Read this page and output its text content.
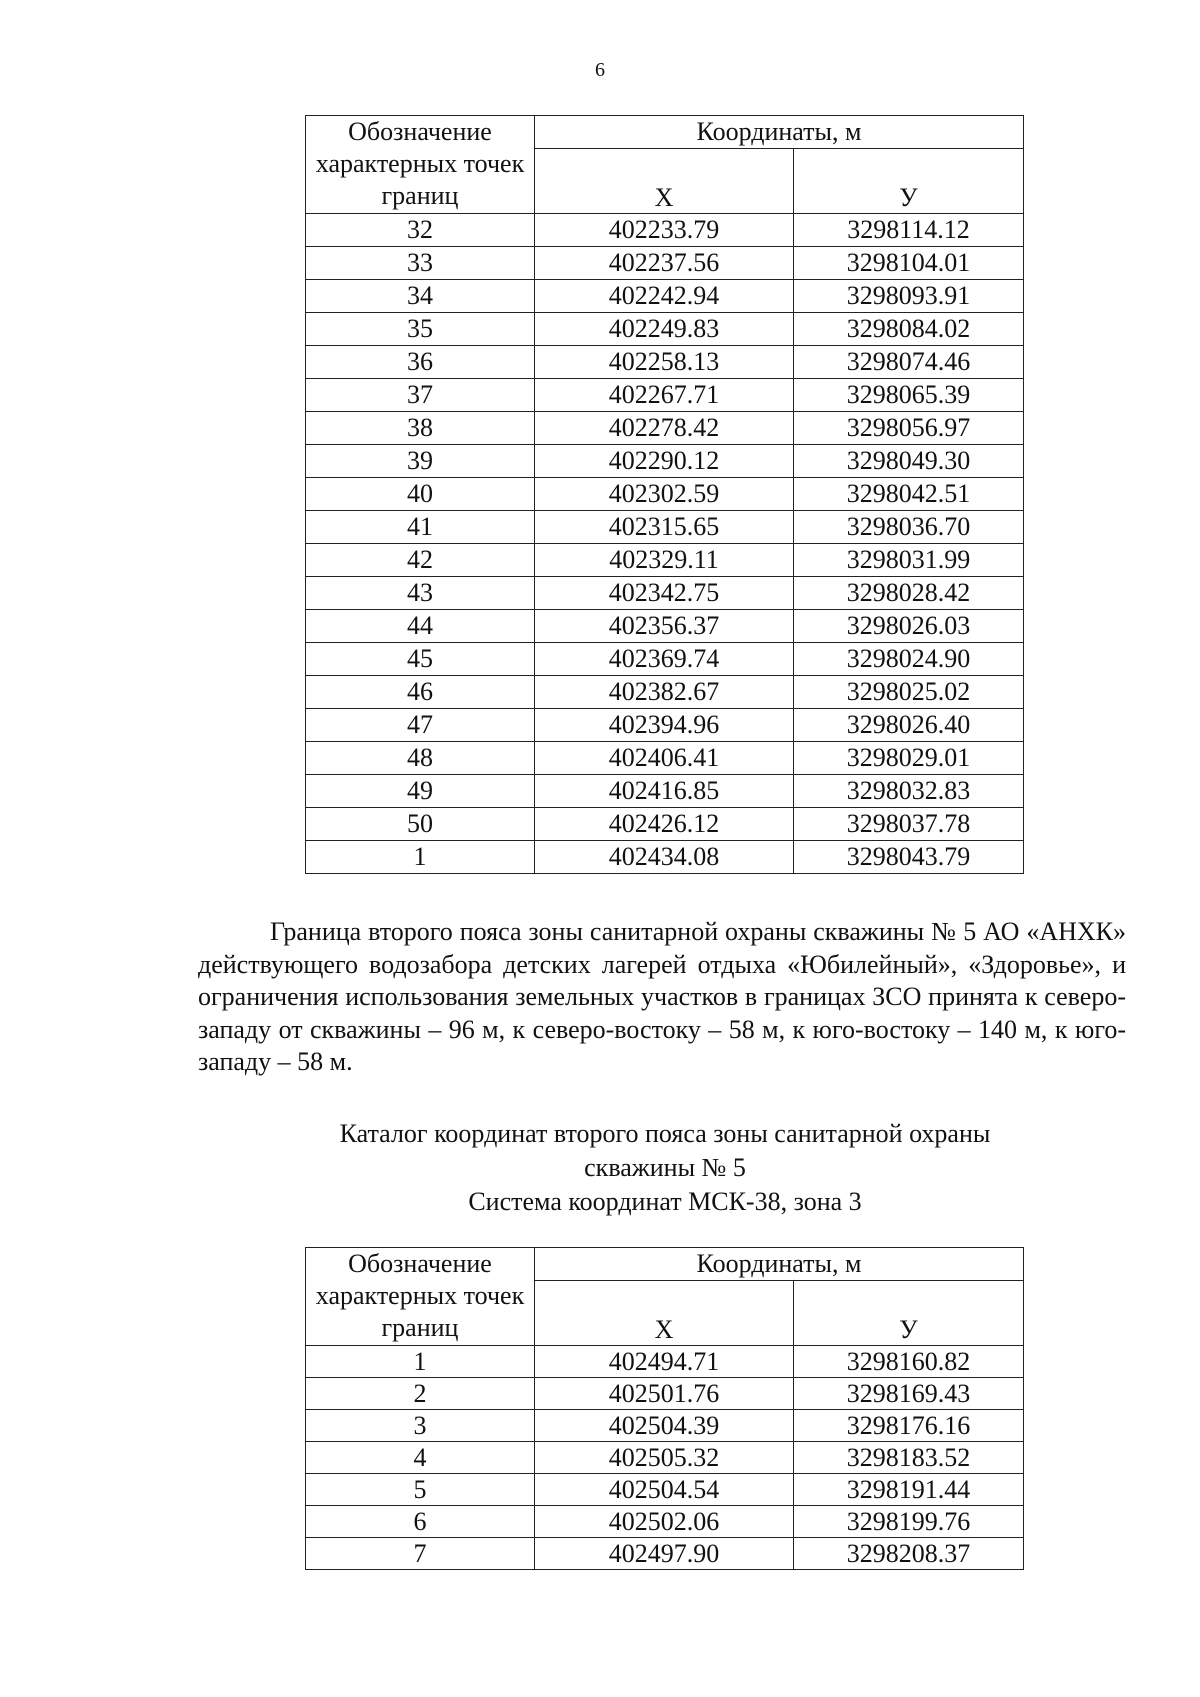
6
Обозначение характерных точек границ	Координаты, м	
	Х	У
32	402233.79	3298114.12
33	402237.56	3298104.01
34	402242.94	3298093.91
35	402249.83	3298084.02
36	402258.13	3298074.46
37	402267.71	3298065.39
38	402278.42	3298056.97
39	402290.12	3298049.30
40	402302.59	3298042.51
41	402315.65	3298036.70
42	402329.11	3298031.99
43	402342.75	3298028.42
44	402356.37	3298026.03
45	402369.74	3298024.90
46	402382.67	3298025.02
47	402394.96	3298026.40
48	402406.41	3298029.01
49	402416.85	3298032.83
50	402426.12	3298037.78
1	402434.08	3298043.79

Граница второго пояса зоны санитарной охраны скважины № 5 АО «АНХК» действующего водозабора детских лагерей отдыха «Юбилейный», «Здоровье», и ограничения использования земельных участков в границах ЗСО принята к северо-западу от скважины – 96 м, к северо-востоку – 58 м, к юго-востоку – 140 м, к юго-западу – 58 м.

Каталог координат второго пояса зоны санитарной охраны

скважины № 5

Система координат МСК-38, зона 3

Обозначение характерных точек границ	Координаты, м	
	Х	У
1	402494.71	3298160.82
2	402501.76	3298169.43
3	402504.39	3298176.16
4	402505.32	3298183.52
5	402504.54	3298191.44
6	402502.06	3298199.76
7	402497.90	3298208.37
